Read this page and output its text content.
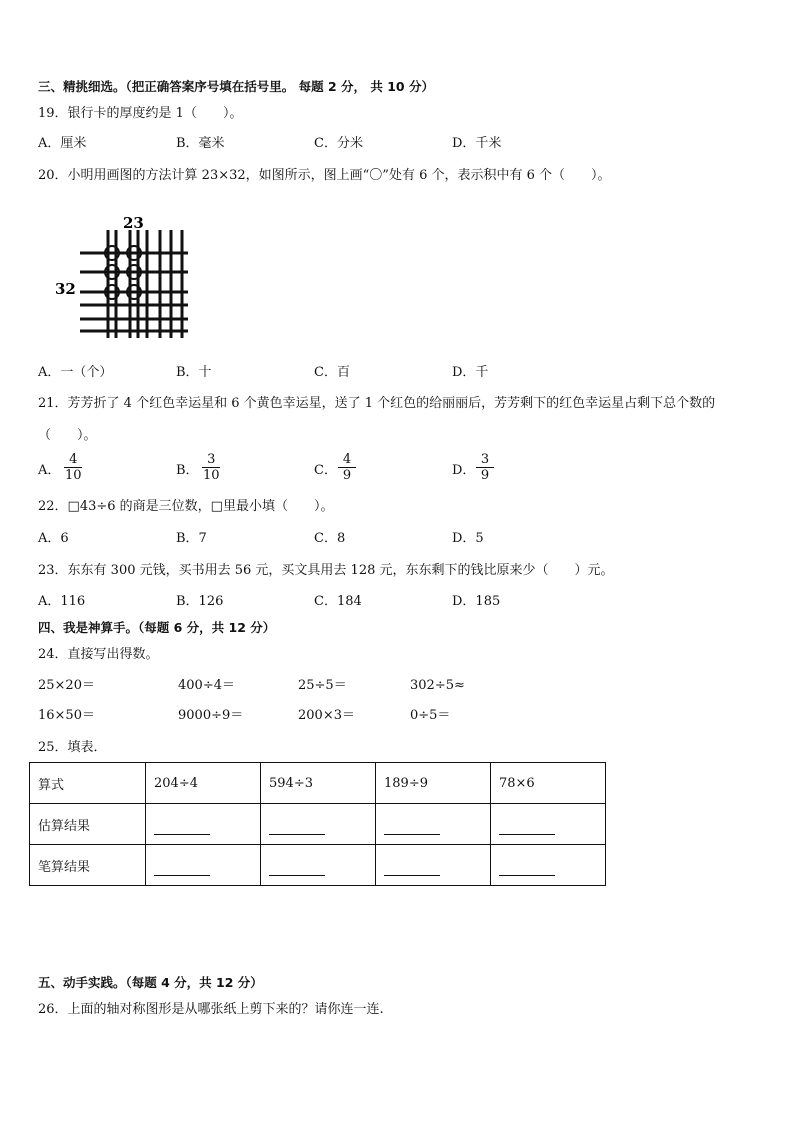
三、精挑细选。（把正确答案序号填在括号里。 每题 2 分， 共 10 分）
19．银行卡的厚度约是 1（　　）。
A．厘米	B．毫米	C．分米	D．千米
20．小明用画图的方法计算 23×32，如图所示，图上画“〇”处有 6 个，表示积中有 6 个（　　）。
23
32
A．一（个）	B．十	C．百	D．千
21．芳芳折了 4 个红色幸运星和 6 个黄色幸运星，送了 1 个红色的给丽丽后，芳芳剩下的红色幸运星占剩下总个数的
（　　）。
A．
4
10	B．
3
10	C．
4
9	D．
3
9
22．□43÷6 的商是三位数，□里最小填（　　）。
A．6	B．7	C．8	D．5
23．东东有 300 元钱，买书用去 56 元，买文具用去 128 元，东东剩下的钱比原来少（　　）元。
A．116	B．126	C．184	D．185
四、我是神算手。（每题 6 分，共 12 分）
24．直接写出得数。
25×20＝	400÷4＝	25÷5＝	302÷5≈
16×50＝	9000÷9＝	200×3＝	0÷5＝
25．填表．
算式	204÷4	594÷3	189÷9	78×6
估算结果				
笔算结果				
五、动手实践。（每题 4 分，共 12 分）
26．上面的轴对称图形是从哪张纸上剪下来的？请你连一连.
